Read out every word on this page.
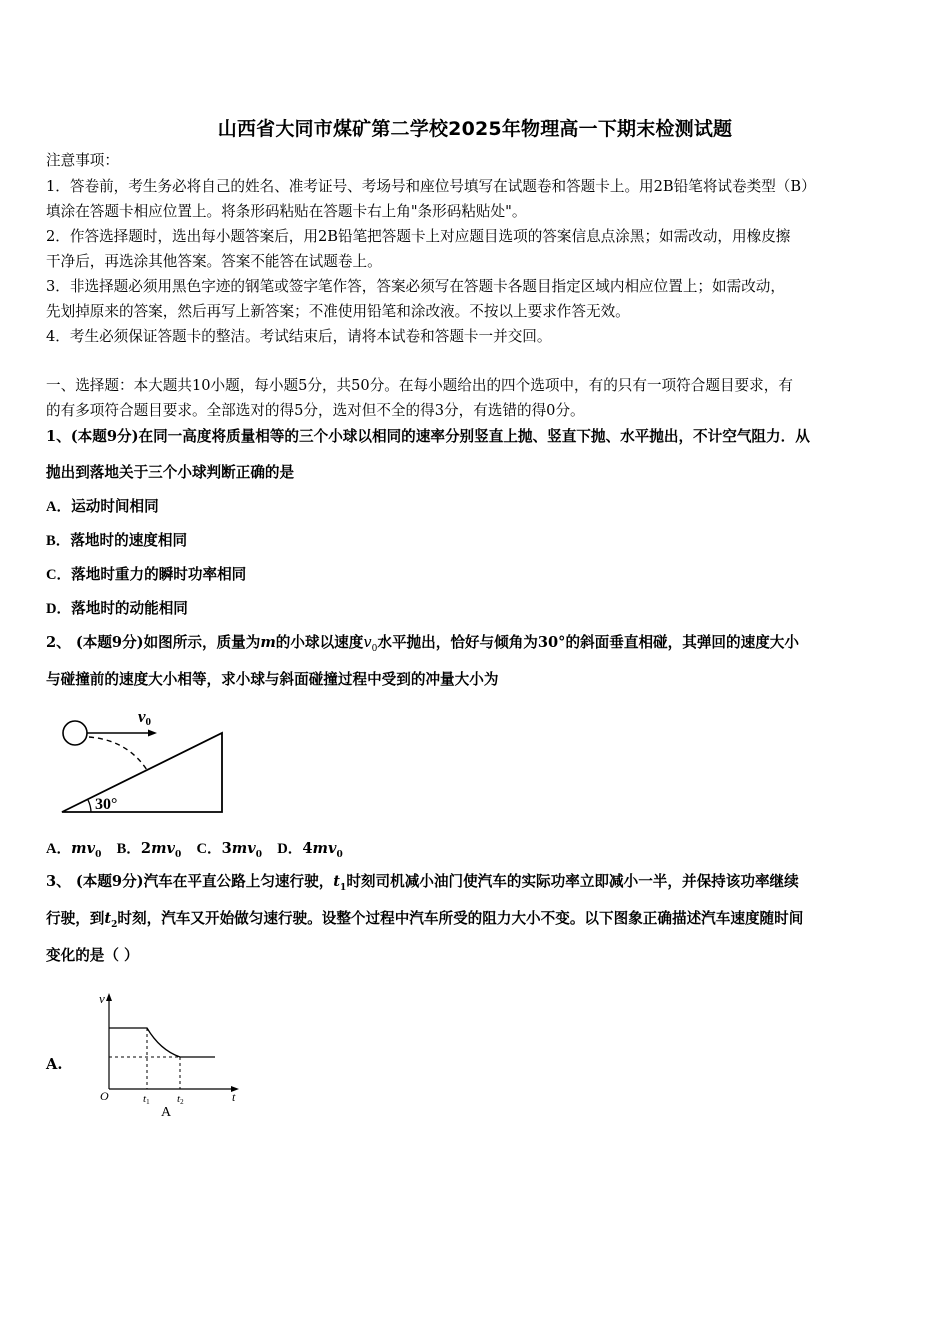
山西省大同市煤矿第二学校2025年物理高一下期末检测试题
注意事项：
1．答卷前，考生务必将自己的姓名、准考证号、考场号和座位号填写在试题卷和答题卡上。用2B铅笔将试卷类型（B）
填涂在答题卡相应位置上。将条形码粘贴在答题卡右上角"条形码粘贴处"。
2．作答选择题时，选出每小题答案后，用2B铅笔把答题卡上对应题目选项的答案信息点涂黑；如需改动，用橡皮擦
干净后，再选涂其他答案。答案不能答在试题卷上。
3．非选择题必须用黑色字迹的钢笔或签字笔作答，答案必须写在答题卡各题目指定区域内相应位置上；如需改动，
先划掉原来的答案，然后再写上新答案；不准使用铅笔和涂改液。不按以上要求作答无效。
4．考生必须保证答题卡的整洁。考试结束后，请将本试卷和答题卡一并交回。
一、选择题：本大题共10小题，每小题5分，共50分。在每小题给出的四个选项中，有的只有一项符合题目要求，有
的有多项符合题目要求。全部选对的得5分，选对但不全的得3分，有选错的得0分。
1、(本题9分)在同一高度将质量相等的三个小球以相同的速率分别竖直上抛、竖直下抛、水平抛出，不计空气阻力．从
抛出到落地关于三个小球判断正确的是
A．运动时间相同
B．落地时的速度相同
C．落地时重力的瞬时功率相同
D．落地时的动能相同
2、 (本题9分)如图所示，质量为m的小球以速度$v_0$水平抛出，恰好与倾角为30°的斜面垂直相碰，其弹回的速度大小
与碰撞前的速度大小相等，求小球与斜面碰撞过程中受到的冲量大小为
v0
30°
A．$mv_0$ B．$2mv_0$ C．$3mv_0$ D．$4mv_0$
3、 (本题9分)汽车在平直公路上匀速行驶，$t_1$时刻司机减小油门使汽车的实际功率立即减小一半，并保持该功率继续
行驶，到$t_2$时刻，汽车又开始做匀速行驶。设整个过程中汽车所受的阻力大小不变。以下图象正确描述汽车速度随时间
变化的是（ ）
A.
v
t
O	t1 t2
A
